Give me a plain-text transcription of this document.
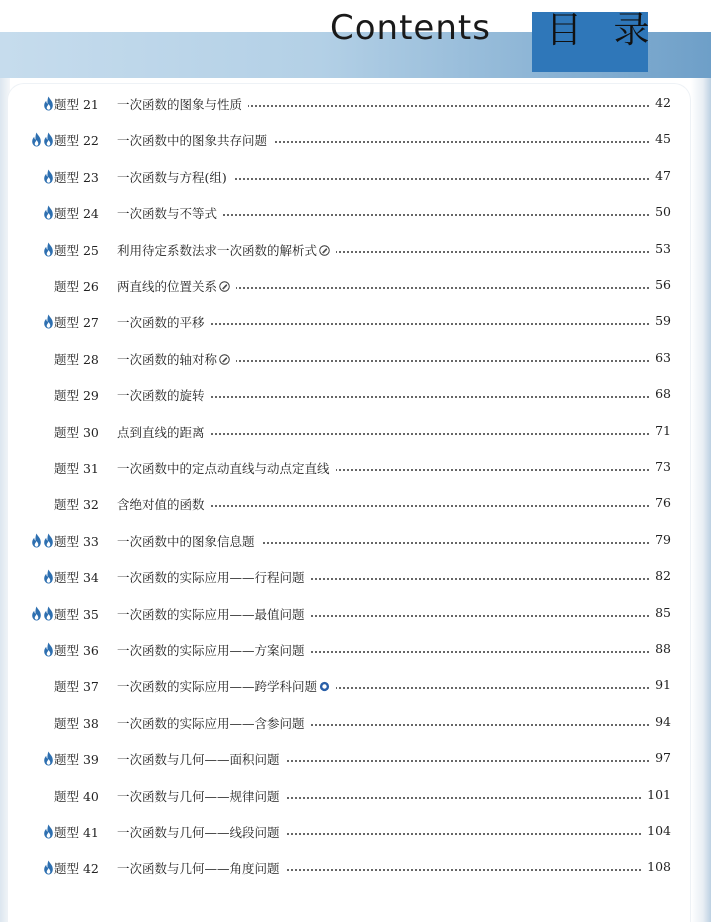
Contents 目 录
题型 21 一次函数的图象与性质	42
题型 22 一次函数中的图象共存问题	45
题型 23 一次函数与方程(组)	47
题型 24 一次函数与不等式	50
题型 25 利用待定系数法求一次函数的解析式	53
题型 26 两直线的位置关系	56
题型 27 一次函数的平移	59
题型 28 一次函数的轴对称	63
题型 29 一次函数的旋转	68
题型 30 点到直线的距离	71
题型 31 一次函数中的定点动直线与动点定直线	73
题型 32 含绝对值的函数	76
题型 33 一次函数中的图象信息题	79
题型 34 一次函数的实际应用——行程问题	82
题型 35 一次函数的实际应用——最值问题	85
题型 36 一次函数的实际应用——方案问题	88
题型 37 一次函数的实际应用——跨学科问题	91
题型 38 一次函数的实际应用——含参问题	94
题型 39 一次函数与几何——面积问题	97
题型 40 一次函数与几何——规律问题	101
题型 41 一次函数与几何——线段问题	104
题型 42 一次函数与几何——角度问题	108
